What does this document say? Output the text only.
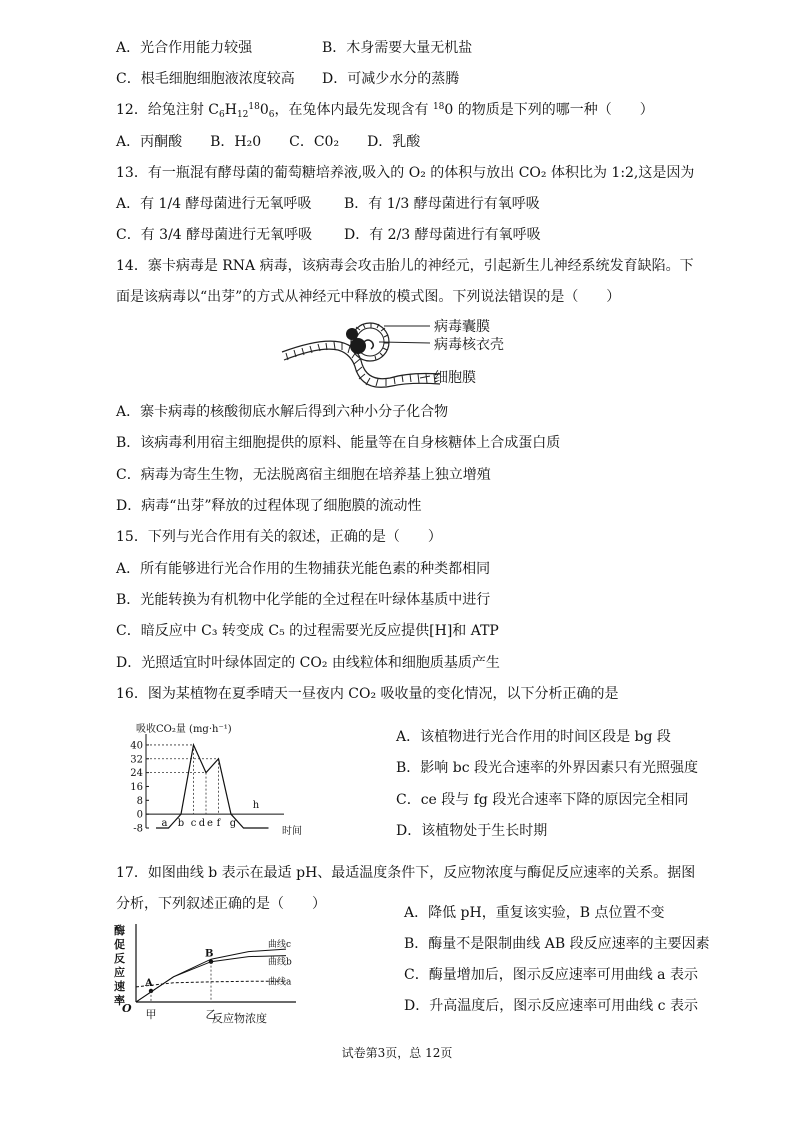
A．光合作用能力较强	B．木身需要大量无机盐
C．根毛细胞细胞液浓度较高 D．可减少水分的蒸腾
12．给兔注射 $C_6H_{12}^{18}0_6$，在兔体内最先发现含有 $^{18}$0 的物质是下列的哪一种（　　）
A．丙酮酸　　B．H₂0　　C．C0₂　　D．乳酸
13．有一瓶混有酵母菌的葡萄糖培养液,吸入的 O₂ 的体积与放出 CO₂ 体积比为 1:2,这是因为
A．有 1/4 酵母菌进行无氧呼吸 B．有 1/3 酵母菌进行有氧呼吸
C．有 3/4 酵母菌进行无氧呼吸 D．有 2/3 酵母菌进行有氧呼吸
14．寨卡病毒是 RNA 病毒，该病毒会攻击胎儿的神经元，引起新生儿神经系统发育缺陷。下
面是该病毒以“出芽”的方式从神经元中释放的模式图。下列说法错误的是（　　）
病毒囊膜
病毒核衣壳
细胞膜
A．寨卡病毒的核酸彻底水解后得到六种小分子化合物
B．该病毒利用宿主细胞提供的原料、能量等在自身核糖体上合成蛋白质
C．病毒为寄生生物，无法脱离宿主细胞在培养基上独立增殖
D．病毒“出芽”释放的过程体现了细胞膜的流动性
15．下列与光合作用有关的叙述，正确的是（　　）
A．所有能够进行光合作用的生物捕获光能色素的种类都相同
B．光能转换为有机物中化学能的全过程在叶绿体基质中进行
C．暗反应中 C₃ 转变成 C₅ 的过程需要光反应提供[H]和 ATP
D．光照适宜时叶绿体固定的 CO₂ 由线粒体和细胞质基质产生
16．图为某植物在夏季晴天一昼夜内 CO₂ 吸收量的变化情况，以下分析正确的是
吸收CO₂量 (mg·h⁻¹)
40
32
24
16
8
0
-8 a b c d e f g
h
时间
A．该植物进行光合作用的时间区段是 bg 段
B．影响 bc 段光合速率的外界因素只有光照强度
C．ce 段与 fg 段光合速率下降的原因完全相同
D．该植物处于生长时期
17．如图曲线 b 表示在最适 pH、最适温度条件下，反应物浓度与酶促反应速率的关系。据图
分析，下列叙述正确的是（　　）
酶
促
反
应
速
率
O
曲线c
曲线b
曲线a
A
B
甲	乙
反应物浓度
A．降低 pH，重复该实验，B 点位置不变
B．酶量不是限制曲线 AB 段反应速率的主要因素
C．酶量增加后，图示反应速率可用曲线 a 表示
D．升高温度后，图示反应速率可用曲线 c 表示
试卷第3页，总 12页
